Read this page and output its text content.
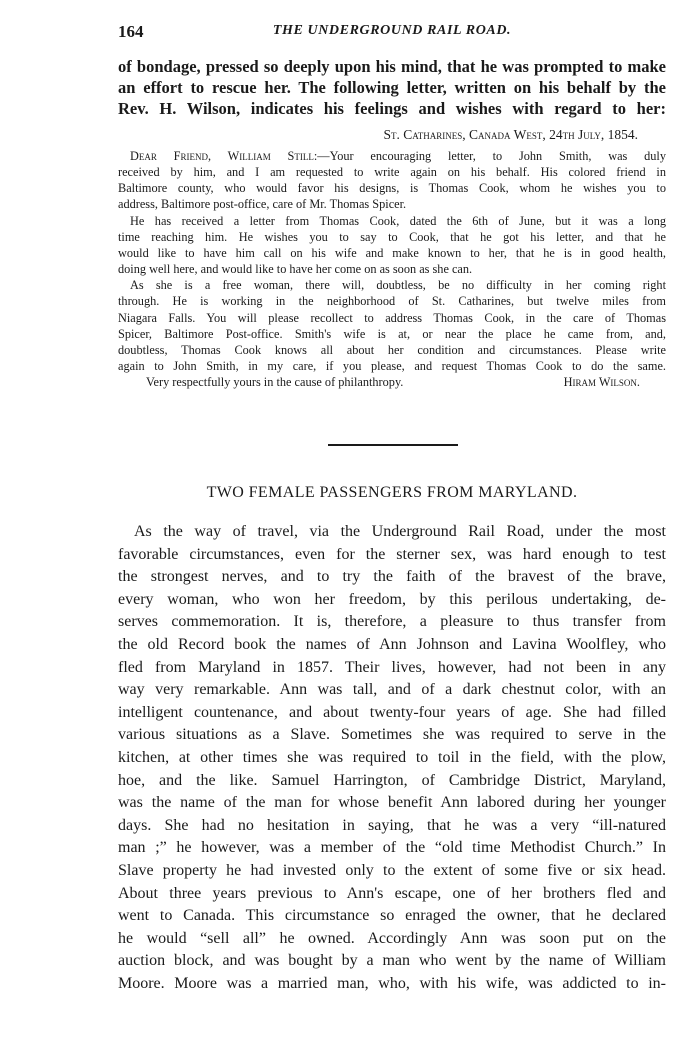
164	THE UNDERGROUND RAIL ROAD.
of bondage, pressed so deeply upon his mind, that he was prompted to make
an effort to rescue her. The following letter, written on his behalf by the
Rev. H. Wilson, indicates his feelings and wishes with regard to her:
St. Catharines, Canada West, 24th July, 1854.
Dear Friend, William Still:—Your encouraging letter, to John Smith, was duly
received by him, and I am requested to write again on his behalf. His colored friend in
Baltimore county, who would favor his designs, is Thomas Cook, whom he wishes you to
address, Baltimore post-office, care of Mr. Thomas Spicer.
He has received a letter from Thomas Cook, dated the 6th of June, but it was a long
time reaching him. He wishes you to say to Cook, that he got his letter, and that he
would like to have him call on his wife and make known to her, that he is in good health,
doing well here, and would like to have her come on as soon as she can.
As she is a free woman, there will, doubtless, be no difficulty in her coming right
through. He is working in the neighborhood of St. Catharines, but twelve miles from
Niagara Falls. You will please recollect to address Thomas Cook, in the care of Thomas
Spicer, Baltimore Post-office. Smith's wife is at, or near the place he came from, and,
doubtless, Thomas Cook knows all about her condition and circumstances. Please write
again to John Smith, in my care, if you please, and request Thomas Cook to do the same.
Very respectfully yours in the cause of philanthropy.	Hiram Wilson.
TWO FEMALE PASSENGERS FROM MARYLAND.
As the way of travel, via the Underground Rail Road, under the most
favorable circumstances, even for the sterner sex, was hard enough to test
the strongest nerves, and to try the faith of the bravest of the brave,
every woman, who won her freedom, by this perilous undertaking, de-
serves commemoration. It is, therefore, a pleasure to thus transfer from
the old Record book the names of Ann Johnson and Lavina Woolfley, who
fled from Maryland in 1857. Their lives, however, had not been in any
way very remarkable. Ann was tall, and of a dark chestnut color, with an
intelligent countenance, and about twenty-four years of age. She had filled
various situations as a Slave. Sometimes she was required to serve in the
kitchen, at other times she was required to toil in the field, with the plow,
hoe, and the like. Samuel Harrington, of Cambridge District, Maryland,
was the name of the man for whose benefit Ann labored during her younger
days. She had no hesitation in saying, that he was a very “ill-natured
man ;” he however, was a member of the “old time Methodist Church.” In
Slave property he had invested only to the extent of some five or six head.
About three years previous to Ann's escape, one of her brothers fled and
went to Canada. This circumstance so enraged the owner, that he declared
he would “sell all” he owned. Accordingly Ann was soon put on the
auction block, and was bought by a man who went by the name of William
Moore. Moore was a married man, who, with his wife, was addicted to in-
